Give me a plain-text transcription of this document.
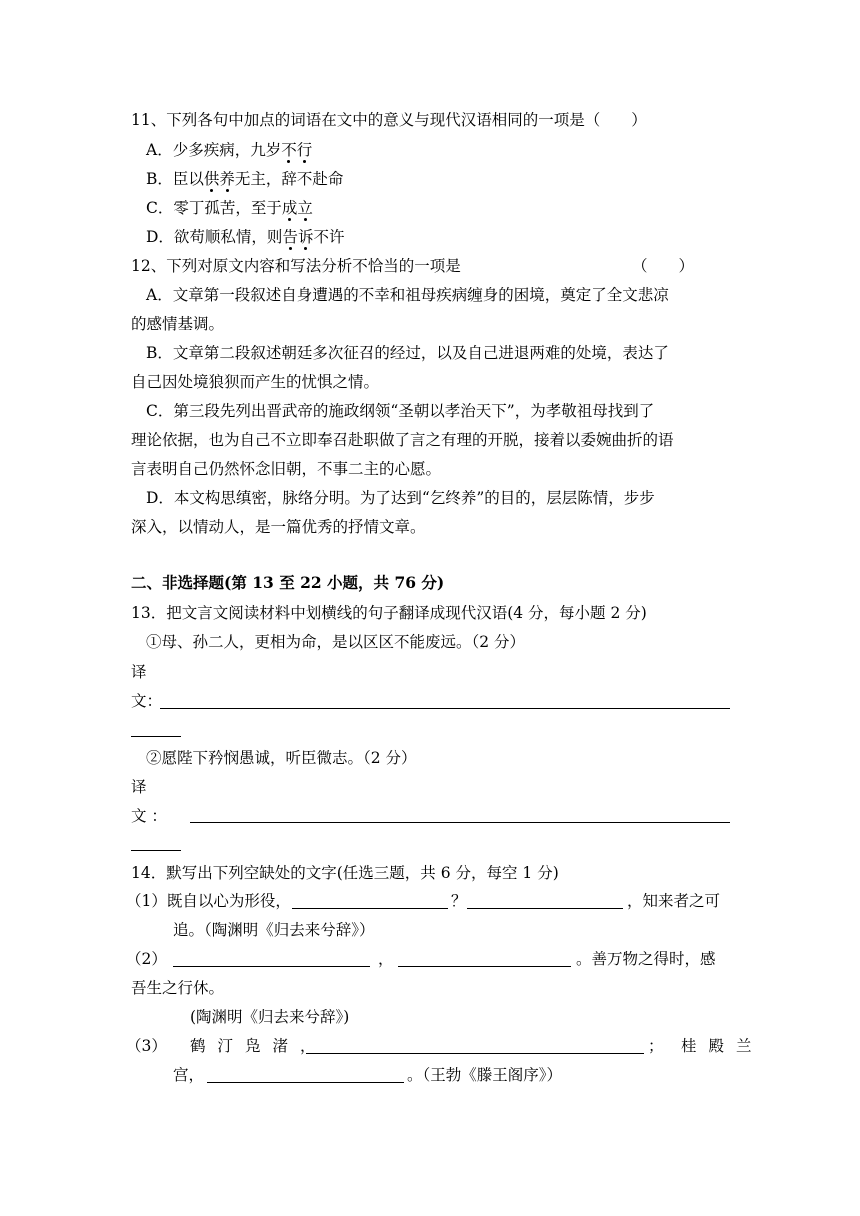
11、下列各句中加点的词语在文中的意义与现代汉语相同的一项是（　　）
A．少多疾病，九岁不行
B．臣以供养无主，辞不赴命
C．零丁孤苦，至于成立
D．欲苟顺私情，则告诉不许
12、下列对原文内容和写法分析不恰当的一项是	（　　）
A．文章第一段叙述自身遭遇的不幸和祖母疾病缠身的困境，奠定了全文悲凉
的感情基调。
B．文章第二段叙述朝廷多次征召的经过，以及自己进退两难的处境，表达了
自己因处境狼狈而产生的忧惧之情。
C．第三段先列出晋武帝的施政纲领“圣朝以孝治天下”，为孝敬祖母找到了
理论依据，也为自己不立即奉召赴职做了言之有理的开脱，接着以委婉曲折的语
言表明自己仍然怀念旧朝，不事二主的心愿。
D．本文构思缜密，脉络分明。为了达到“乞终养”的目的，层层陈情，步步
深入，以情动人，是一篇优秀的抒情文章。
二、非选择题(第 13 至 22 小题，共 76 分)
13．把文言文阅读材料中划横线的句子翻译成现代汉语(4 分，每小题 2 分)
①母、孙二人，更相为命，是以区区不能废远。（2 分）
译
文：
②愿陛下矜悯愚诚，听臣微志。（2 分）
译
文 ：
14．默写出下列空缺处的文字(任选三题，共 6 分，每空 1 分)
（1）既自以心为形役，	？	，知来者之可
追。（陶渊明《归去来兮辞》）
（2）	，	。善万物之得时，感
吾生之行休。
(陶渊明《归去来兮辞》)
（3） 鹤汀凫渚，	； 桂殿兰
宫，	。（王勃《滕王阁序》）
